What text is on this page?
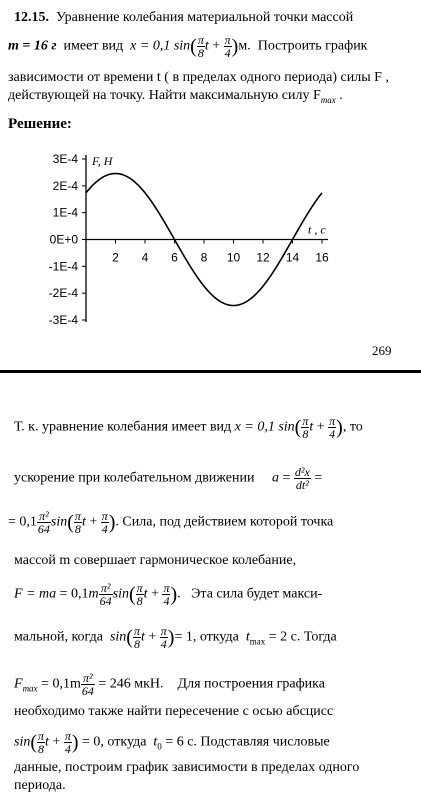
12.15. Уравнение колебания материальной точки массой
m = 16 г имеет вид x = 0,1 $\sin( \frac{\pi}{8}$ $t + \frac{\pi}{4} )м$. Построить график
зависимости от времени t ( в пределах одного периода) силы F ,
действующей на точку. Найти максимальную силу $F_{max}$ .
Решение:
-3E-4
-2E-4
-1E-4
0E+0
1E-4
2E-4
3E-4
2 4 6 8 10 12 14 16
F, H
t , c
269
Т. к. уравнение колебания имеет вид x = 0,1 $\sin( \frac{\pi}{8}$ $t + \frac{\pi}{4}$ ), то
ускорение при колебательном движении $a = \frac{\text{d²x}}{\text{dt²}}$ =
= $0,1 \frac{\text{π²}}{64} \sin( \frac{\pi}{8}$ $t + \frac{\pi}{4}$ ). Сила, под действием которой точка
массой m совершает гармоническое колебание,
F = ma = $0,1m \frac{\text{π²}}{64} \sin( \frac{\pi}{8}$ $t + \frac{\pi}{4}$ ).   Эта сила будет макси-
мальной, когда $\sin( \frac{\pi}{8}$ $t + \frac{\pi}{4}$ )= 1, откуда $t_{max} = 2$ с. Тогда
$F_{max} = 0,1m \frac{\text{π²}}{64} = 246$ мкН. Для построения графика
необходимо также найти пересечение с осью абсцисс
$\sin( \frac{\pi}{8}$ $t + \frac{\pi}{4}$ ) = 0, откуда $t_0 = 6$ с. Подставляя числовые
данные, построим график зависимости в пределах одного
периода.
